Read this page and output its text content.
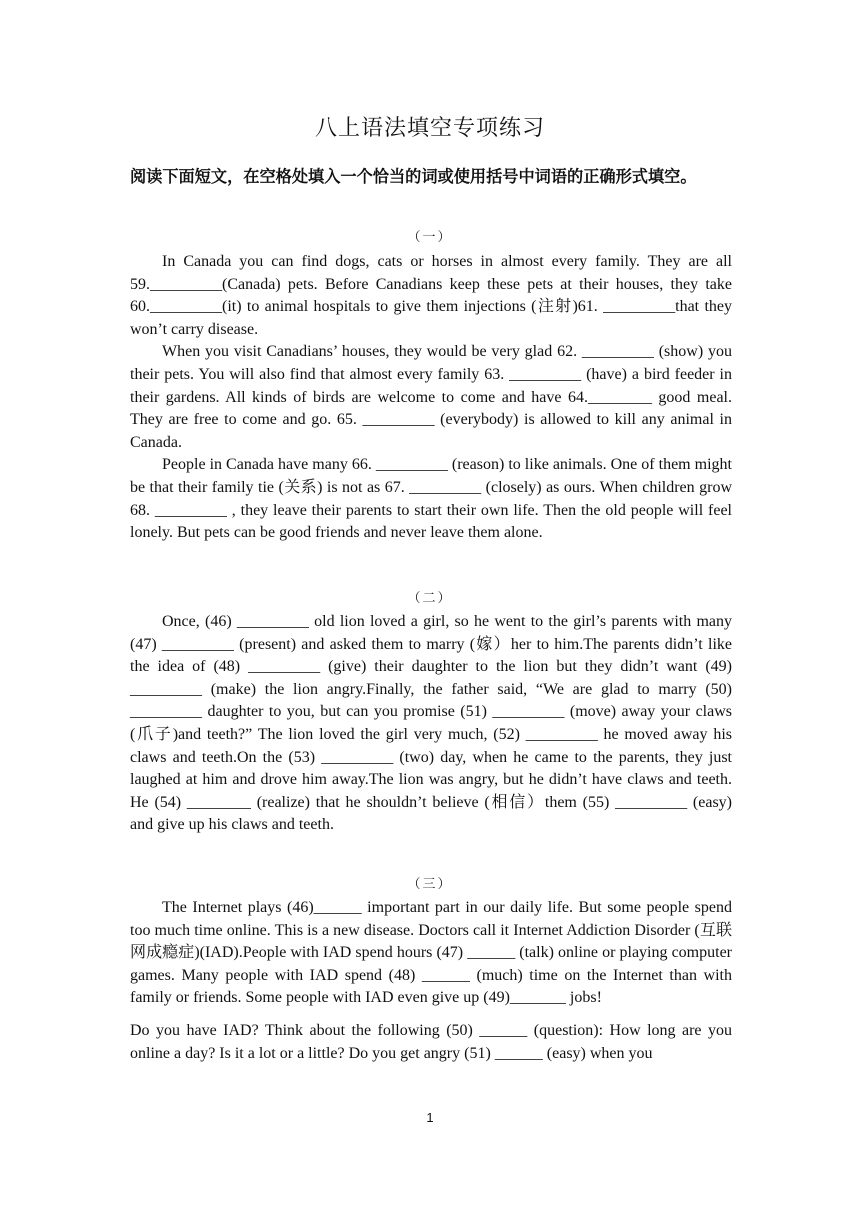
八上语法填空专项练习
阅读下面短文，在空格处填入一个恰当的词或使用括号中词语的正确形式填空。
（一）

In Canada you can find dogs, cats or horses in almost every family. They are all 59._________(Canada) pets. Before Canadians keep these pets at their houses, they take 60._________(it) to animal hospitals to give them injections (注射)61. _________that they won’t carry disease.

When you visit Canadians’ houses, they would be very glad 62. _________ (show) you their pets. You will also find that almost every family 63. _________ (have) a bird feeder in their gardens. All kinds of birds are welcome to come and have 64.________ good meal. They are free to come and go. 65. _________ (everybody) is allowed to kill any animal in Canada.

People in Canada have many 66. _________ (reason) to like animals. One of them might be that their family tie (关系) is not as 67. _________ (closely) as ours. When children grow 68. _________ , they leave their parents to start their own life. Then the old people will feel lonely. But pets can be good friends and never leave them alone.

（二）

Once, (46) _________ old lion loved a girl, so he went to the girl’s parents with many (47) _________ (present) and asked them to marry (嫁）her to him.The parents didn’t like the idea of (48) _________ (give) their daughter to the lion but they didn’t want (49) _________ (make) the lion angry.Finally, the father said, “We are glad to marry (50) _________ daughter to you, but can you promise (51) _________ (move) away your claws (爪子)and teeth?” The lion loved the girl very much, (52) _________ he moved away his claws and teeth.On the (53) _________ (two) day, when he came to the parents, they just laughed at him and drove him away.The lion was angry, but he didn’t have claws and teeth. He (54) ________ (realize) that he shouldn’t believe (相信）them (55) _________ (easy) and give up his claws and teeth.

（三）

The Internet plays (46)______ important part in our daily life. But some people spend too much time online. This is a new disease. Doctors call it Internet Addiction Disorder (互联网成瘾症)(IAD).People with IAD spend hours (47) ______ (talk) online or playing computer games. Many people with IAD spend (48) ______ (much) time on the Internet than with family or friends. Some people with IAD even give up (49)_______ jobs!

Do you have IAD? Think about the following (50) ______ (question): How long are you online a day? Is it a lot or a little? Do you get angry (51) ______ (easy) when you

1
